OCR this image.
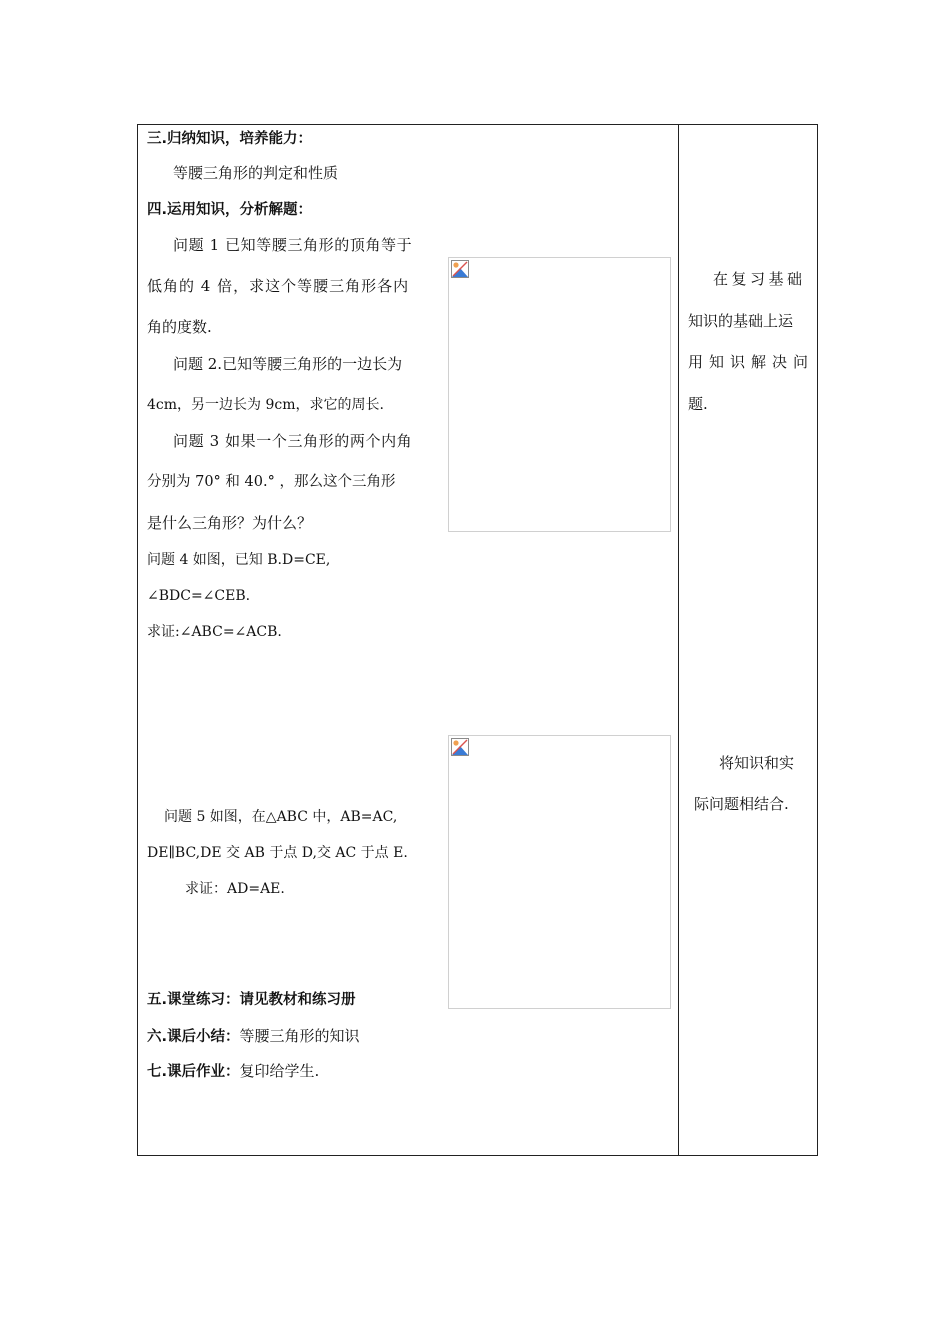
三.归纳知识，培养能力：
等腰三角形的判定和性质
四.运用知识，分析解题：
问题 1 已知等腰三角形的顶角等于
低角的 4 倍，求这个等腰三角形各内
角的度数.
问题 2.已知等腰三角形的一边长为
4cm，另一边长为 9cm，求它的周长.
问题 3 如果一个三角形的两个内角
分别为 70° 和 40.° ，那么这个三角形
是什么三角形？为什么？
问题 4 如图，已知 B.D=CE,
∠BDC=∠CEB.
求证:∠ABC=∠ACB.
问题 5 如图，在△ABC 中，AB=AC,
DE∥BC,DE 交 AB 于点 D,交 AC 于点 E.
求证：AD=AE.
五.课堂练习：请见教材和练习册
六.课后小结：等腰三角形的知识
七.课后作业：复印给学生.
在复习基础
知识的基础上运
用知识解决问
题.
将知识和实
际问题相结合.
